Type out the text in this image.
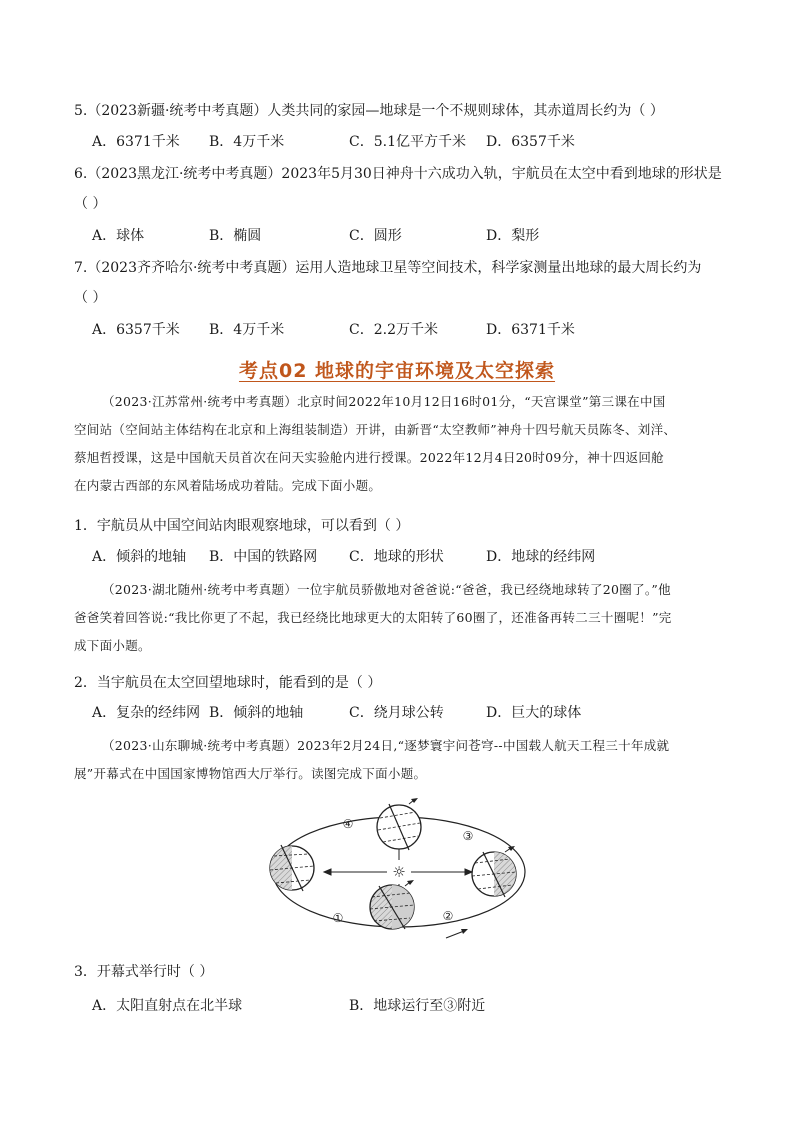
5.（2023新疆·统考中考真题）人类共同的家园—地球是一个不规则球体，其赤道周长约为（ ）
A．6371千米 B．4万千米	C．5.1亿平方千米 D．6357千米
6.（2023黑龙江·统考中考真题）2023年5月30日神舟十六成功入轨，宇航员在太空中看到地球的形状是
（ ）
A．球体	B．椭圆	C．圆形	D．梨形
7.（2023齐齐哈尔·统考中考真题）运用人造地球卫星等空间技术，科学家测量出地球的最大周长约为
（ ）
A．6357千米 B．4万千米	C．2.2万千米	D．6371千米
考点02 地球的宇宙环境及太空探索

（2023·江苏常州·统考中考真题）北京时间2022年10月12日16时01分，“天宫课堂”第三课在中国

空间站（空间站主体结构在北京和上海组装制造）开讲，由新晋“太空教师”神舟十四号航天员陈冬、刘洋、

蔡旭哲授课，这是中国航天员首次在问天实验舱内进行授课。2022年12月4日20时09分，神十四返回舱

在内蒙古西部的东风着陆场成功着陆。完成下面小题。

1．宇航员从中国空间站肉眼观察地球，可以看到（ ）
A．倾斜的地轴 B．中国的铁路网 C．地球的形状	D．地球的经纬网

（2023·湖北随州·统考中考真题）一位宇航员骄傲地对爸爸说:“爸爸，我已经绕地球转了20圈了。”他

爸爸笑着回答说:“我比你更了不起，我已经绕比地球更大的太阳转了60圈了，还准备再转二三十圈呢！”完

成下面小题。

2．当宇航员在太空回望地球时，能看到的是（ ）
A．复杂的经纬网 B．倾斜的地轴	C．绕月球公转	D．巨大的球体

（2023·山东聊城·统考中考真题）2023年2月24日,“逐梦寰宇问苍穹--中国载人航天工程三十年成就

展”开幕式在中国国家博物馆西大厅举行。读图完成下面小题。

☼
①	②
③
④
3．开幕式举行时（ ）
A．太阳直射点在北半球	B．地球运行至③附近
